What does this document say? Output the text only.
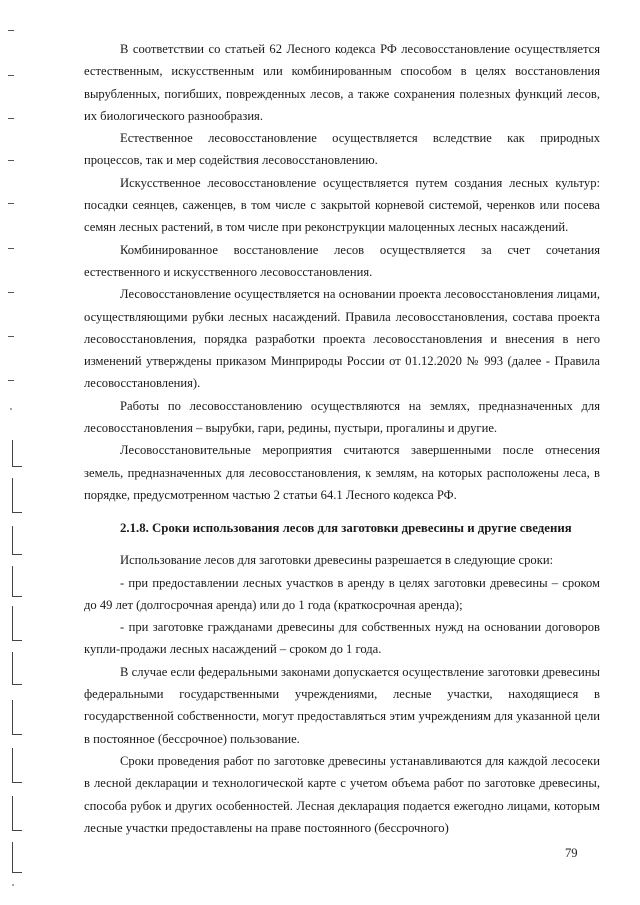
В соответствии со статьей 62 Лесного кодекса РФ лесовосстановление осуществляется естественным, искусственным или комбинированным способом в целях восстановления вырубленных, погибших, поврежденных лесов, а также сохранения полезных функций лесов, их биологического разнообразия.

Естественное лесовосстановление осуществляется вследствие как природных процессов, так и мер содействия лесовосстановлению.

Искусственное лесовосстановление осуществляется путем создания лесных культур: посадки сеянцев, саженцев, в том числе с закрытой корневой системой, черенков или посева семян лесных растений, в том числе при реконструкции малоценных лесных насаждений.

Комбинированное восстановление лесов осуществляется за счет сочетания естественного и искусственного лесовосстановления.

Лесовосстановление осуществляется на основании проекта лесовосстановления лицами, осуществляющими рубки лесных насаждений. Правила лесовосстановления, состава проекта лесовосстановления, порядка разработки проекта лесовосстановления и внесения в него изменений утверждены приказом Минприроды России от 01.12.2020 № 993 (далее - Правила лесовосстановления).

Работы по лесовосстановлению осуществляются на землях, предназначенных для лесовосстановления – вырубки, гари, редины, пустыри, прогалины и другие.

Лесовосстановительные мероприятия считаются завершенными после отнесения земель, предназначенных для лесовосстановления, к землям, на которых расположены леса, в порядке, предусмотренном частью 2 статьи 64.1 Лесного кодекса РФ.

2.1.8. Сроки использования лесов для заготовки древесины и другие сведения

Использование лесов для заготовки древесины разрешается в следующие сроки:

- при предоставлении лесных участков в аренду в целях заготовки древесины – сроком до 49 лет (долгосрочная аренда) или до 1 года (краткосрочная аренда);

- при заготовке гражданами древесины для собственных нужд на основании договоров купли-продажи лесных насаждений – сроком до 1 года.

В случае если федеральными законами допускается осуществление заготовки древесины федеральными государственными учреждениями, лесные участки, находящиеся в государственной собственности, могут предоставляться этим учреждениям для указанной цели в постоянное (бессрочное) пользование.

Сроки проведения работ по заготовке древесины устанавливаются для каждой лесосеки в лесной декларации и технологической карте с учетом объема работ по заготовке древесины, способа рубок и других особенностей. Лесная декларация подается ежегодно лицами, которым лесные участки предоставлены на праве постоянного (бессрочного)

79
